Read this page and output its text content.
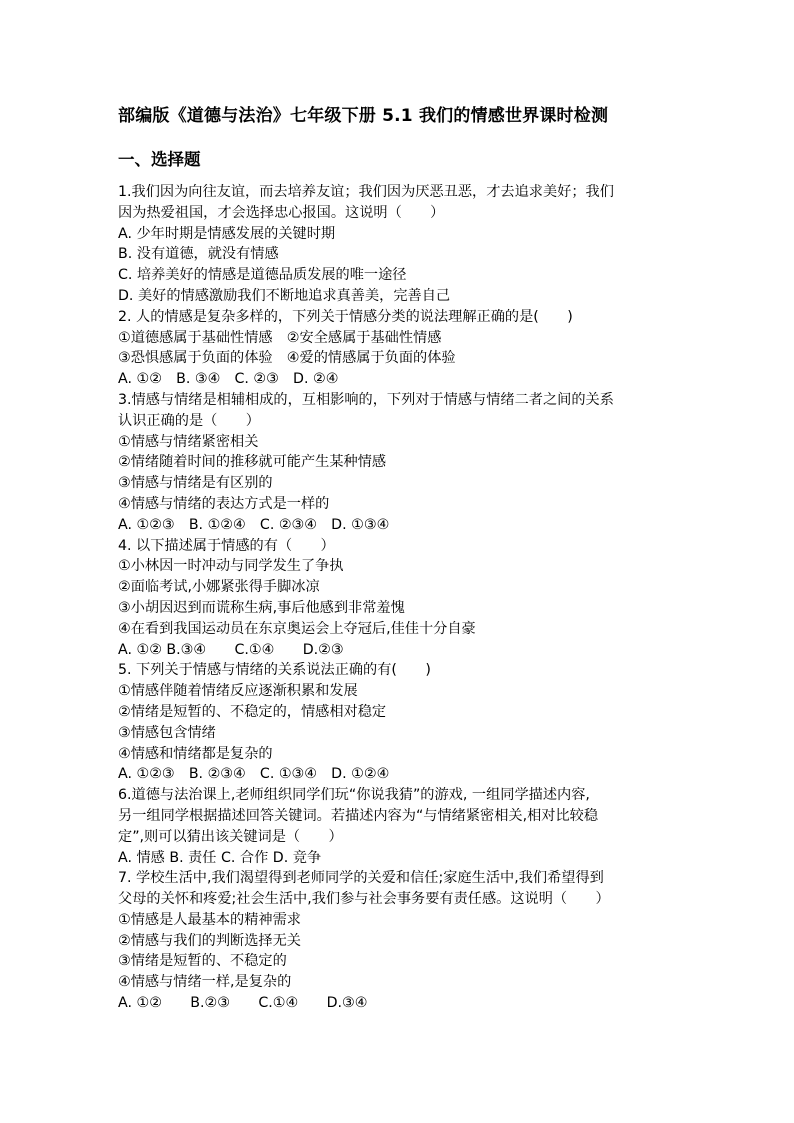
部编版《道德与法治》七年级下册 5.1 我们的情感世界课时检测
一、选择题

1.我们因为向往友谊，而去培养友谊；我们因为厌恶丑恶，才去追求美好；我们

因为热爱祖国，才会选择忠心报国。这说明（　　）

A. 少年时期是情感发展的关键时期

B. 没有道德，就没有情感

C. 培养美好的情感是道德品质发展的唯一途径

D. 美好的情感激励我们不断地追求真善美，完善自己

2. 人的情感是复杂多样的，下列关于情感分类的说法理解正确的是(　　)

①道德感属于基础性情感　②安全感属于基础性情感

③恐惧感属于负面的体验　④爱的情感属于负面的体验

A. ①②　B. ③④　C. ②③　D. ②④

3.情感与情绪是相辅相成的，互相影响的，下列对于情感与情绪二者之间的关系

认识正确的是（　　）

①情感与情绪紧密相关

②情绪随着时间的推移就可能产生某种情感

③情感与情绪是有区别的

④情感与情绪的表达方式是一样的

A. ①②③　B. ①②④　C. ②③④　D. ①③④

4. 以下描述属于情感的有（　　）

①小林因一时冲动与同学发生了争执

②面临考试,小娜紧张得手脚冰凉

③小胡因迟到而谎称生病,事后他感到非常羞愧

④在看到我国运动员在东京奥运会上夺冠后,佳佳十分自豪

A. ①② B.③④　　C.①④　　D.②③

5. 下列关于情感与情绪的关系说法正确的有(　　)

①情感伴随着情绪反应逐渐积累和发展

②情绪是短暂的、不稳定的，情感相对稳定

③情感包含情绪

④情感和情绪都是复杂的

A. ①②③　B. ②③④　C. ①③④　D. ①②④

6.道德与法治课上,老师组织同学们玩“你说我猜”的游戏, 一组同学描述内容,

另一组同学根据描述回答关键词。若描述内容为“与情绪紧密相关,相对比较稳

定”,则可以猜出该关键词是（　　）

A. 情感 B. 责任 C. 合作 D. 竞争

7. 学校生活中,我们渴望得到老师同学的关爱和信任;家庭生活中,我们希望得到

父母的关怀和疼爱;社会生活中,我们参与社会事务要有责任感。这说明（　　）

①情感是人最基本的精神需求

②情感与我们的判断选择无关

③情绪是短暂的、不稳定的

④情感与情绪一样,是复杂的

A. ①②　　B.②③　　C.①④　　D.③④
